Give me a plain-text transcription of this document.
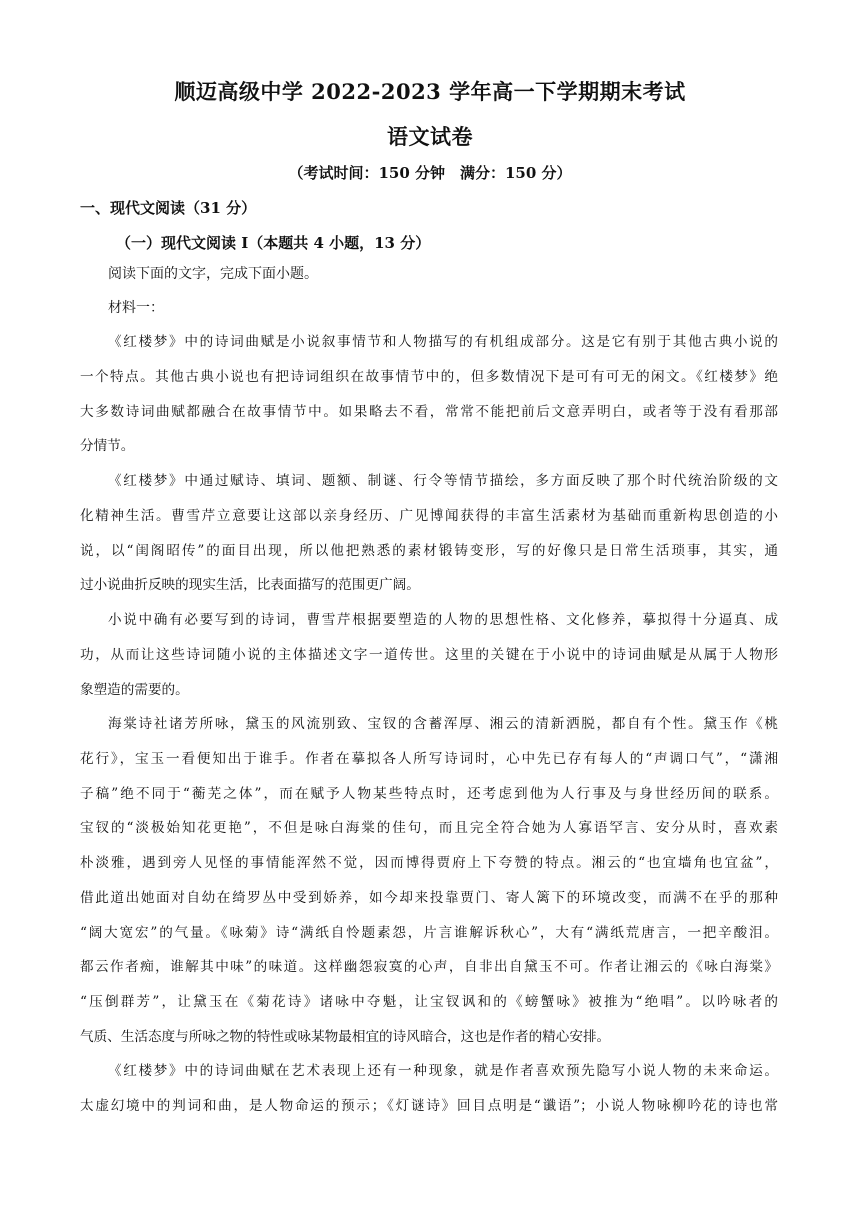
顺迈高级中学 2022-2023 学年高一下学期期末考试
语文试卷
（考试时间：150 分钟　满分：150 分）
一、现代文阅读（31 分）
（一）现代文阅读 I（本题共 4 小题，13 分）
阅读下面的文字，完成下面小题。
材料一：
《红楼梦》中的诗词曲赋是小说叙事情节和人物描写的有机组成部分。这是它有别于其他古典小说的
一个特点。其他古典小说也有把诗词组织在故事情节中的，但多数情况下是可有可无的闲文。《红楼梦》绝
大多数诗词曲赋都融合在故事情节中。如果略去不看，常常不能把前后文意弄明白，或者等于没有看那部
分情节。
《红楼梦》中通过赋诗、填词、题额、制谜、行令等情节描绘，多方面反映了那个时代统治阶级的文
化精神生活。曹雪芹立意要让这部以亲身经历、广见博闻获得的丰富生活素材为基础而重新构思创造的小
说，以“闺阁昭传”的面目出现，所以他把熟悉的素材锻铸变形，写的好像只是日常生活琐事，其实，通
过小说曲折反映的现实生活，比表面描写的范围更广阔。
小说中确有必要写到的诗词，曹雪芹根据要塑造的人物的思想性格、文化修养，摹拟得十分逼真、成
功，从而让这些诗词随小说的主体描述文字一道传世。这里的关键在于小说中的诗词曲赋是从属于人物形
象塑造的需要的。
海棠诗社诸芳所咏，黛玉的风流别致、宝钗的含蓄浑厚、湘云的清新洒脱，都自有个性。黛玉作《桃
花行》，宝玉一看便知出于谁手。作者在摹拟各人所写诗词时，心中先已存有每人的“声调口气”，“潇湘
子稿”绝不同于“蘅芜之体”，而在赋予人物某些特点时，还考虑到他为人行事及与身世经历间的联系。
宝钗的“淡极始知花更艳”，不但是咏白海棠的佳句，而且完全符合她为人寡语罕言、安分从时，喜欢素
朴淡雅，遇到旁人见怪的事情能浑然不觉，因而博得贾府上下夸赞的特点。湘云的“也宜墙角也宜盆”，
借此道出她面对自幼在绮罗丛中受到娇养，如今却来投靠贾门、寄人篱下的环境改变，而满不在乎的那种
“阔大宽宏”的气量。《咏菊》诗“满纸自怜题素怨，片言谁解诉秋心”，大有“满纸荒唐言，一把辛酸泪。
都云作者痴，谁解其中味”的味道。这样幽怨寂寞的心声，自非出自黛玉不可。作者让湘云的《咏白海棠》
“压倒群芳”，让黛玉在《菊花诗》诸咏中夺魁，让宝钗讽和的《螃蟹咏》被推为“绝唱”。以吟咏者的
气质、生活态度与所咏之物的特性或咏某物最相宜的诗风暗合，这也是作者的精心安排。
《红楼梦》中的诗词曲赋在艺术表现上还有一种现象，就是作者喜欢预先隐写小说人物的未来命运。
太虚幻境中的判词和曲，是人物命运的预示；《灯谜诗》回目点明是“谶语”；小说人物咏柳吟花的诗也常
